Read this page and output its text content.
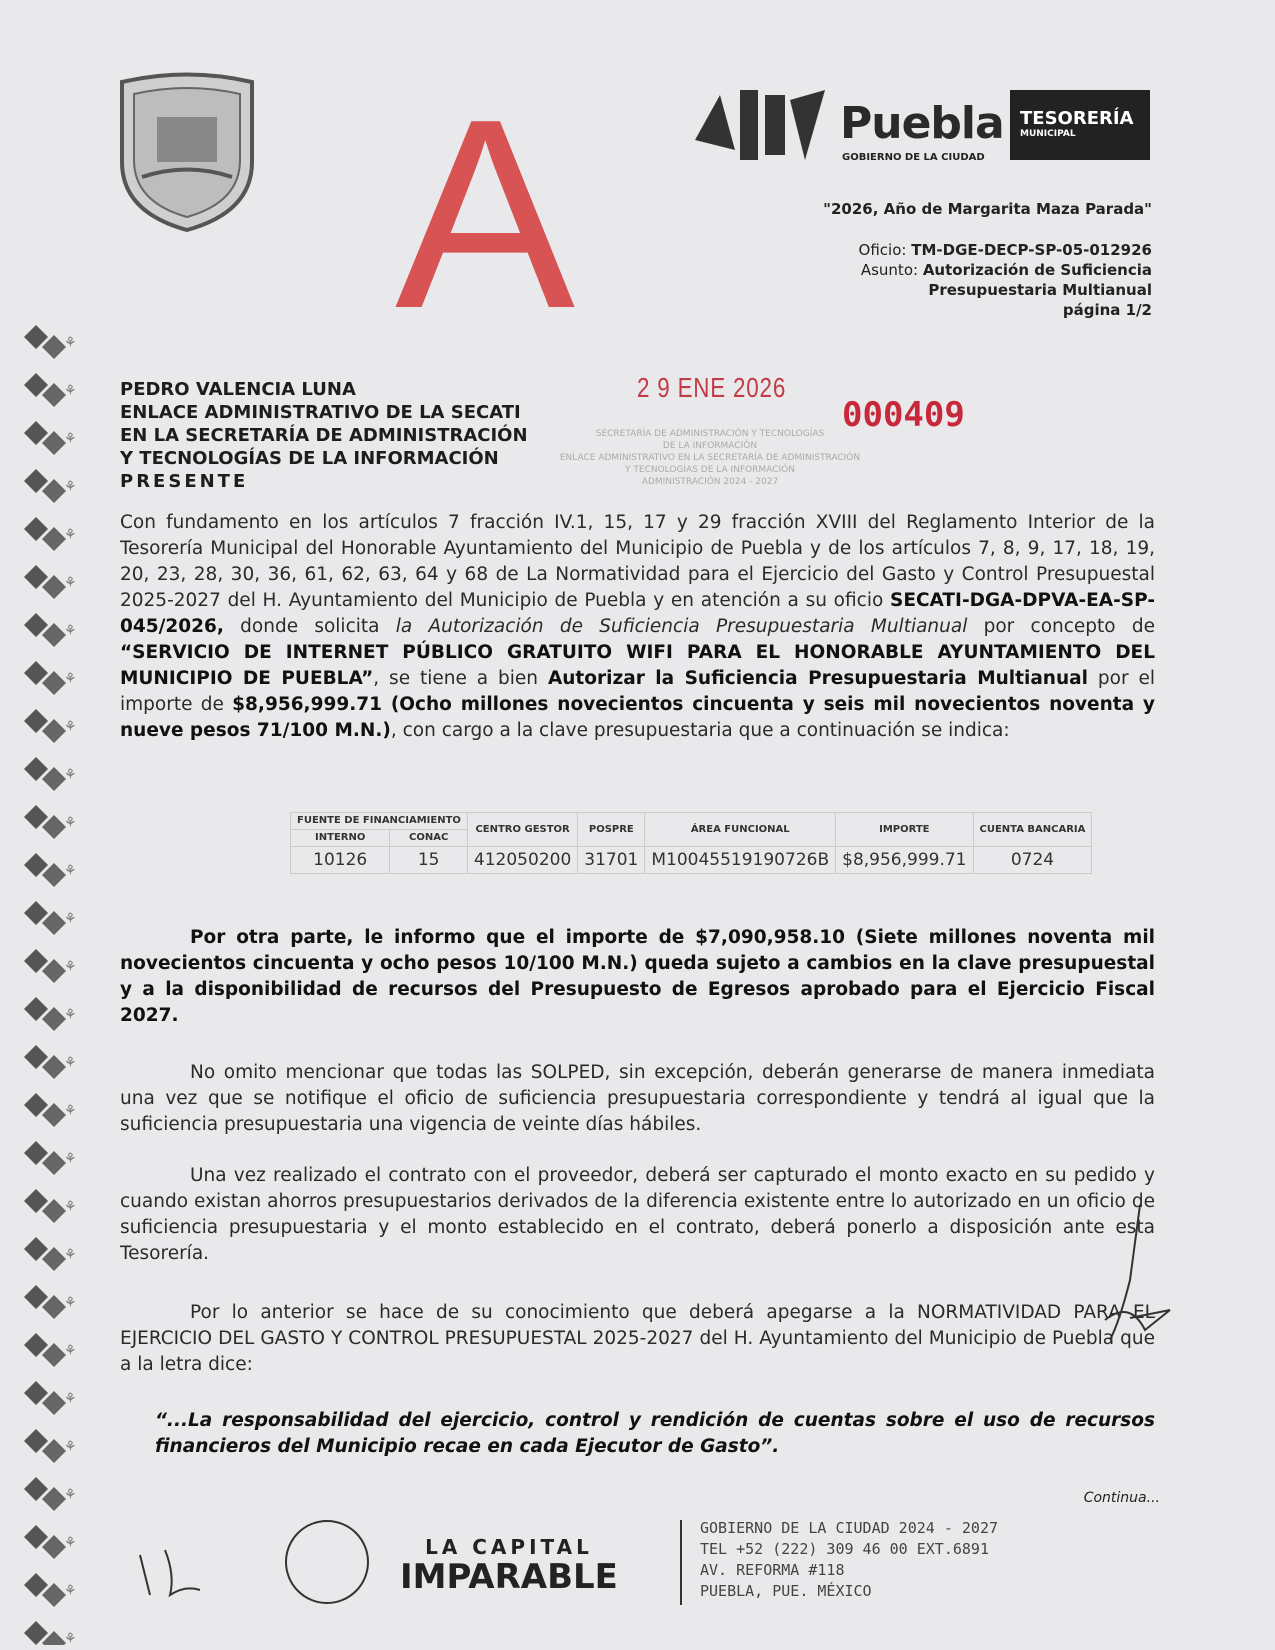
A	Puebla
GOBIERNO DE LA CIUDAD
TESORERÍA
MUNICIPAL
"2026, Año de Margarita Maza Parada"
Oficio: TM-DGE-DECP-SP-05-012926
Asunto: Autorización de Suficiencia
Presupuestaria Multianual
página 1/2
2 9 ENE 2026
000409
SECRETARÍA DE ADMINISTRACIÓN Y TECNOLOGÍAS
DE LA INFORMACIÓN
ENLACE ADMINISTRATIVO EN LA SECRETARÍA DE ADMINISTRACIÓN
Y TECNOLOGÍAS DE LA INFORMACIÓN
ADMINISTRACIÓN 2024 - 2027
PEDRO VALENCIA LUNA
ENLACE ADMINISTRATIVO DE LA SECATI
EN LA SECRETARÍA DE ADMINISTRACIÓN
Y TECNOLOGÍAS DE LA INFORMACIÓN
PRESENTE
Con fundamento en los artículos 7 fracción IV.1, 15, 17 y 29 fracción XVIII del Reglamento Interior de la Tesorería Municipal del Honorable Ayuntamiento del Municipio de Puebla y de los artículos 7, 8, 9, 17, 18, 19, 20, 23, 28, 30, 36, 61, 62, 63, 64 y 68 de La Normatividad para el Ejercicio del Gasto y Control Presupuestal 2025-2027 del H. Ayuntamiento del Municipio de Puebla y en atención a su oficio SECATI-DGA-DPVA-EA-SP-045/2026, donde solicita la Autorización de Suficiencia Presupuestaria Multianual por concepto de “SERVICIO DE INTERNET PÚBLICO GRATUITO WIFI PARA EL HONORABLE AYUNTAMIENTO DEL MUNICIPIO DE PUEBLA”, se tiene a bien Autorizar la Suficiencia Presupuestaria Multianual por el importe de $8,956,999.71 (Ocho millones novecientos cincuenta y seis mil novecientos noventa y nueve pesos 71/100 M.N.), con cargo a la clave presupuestaria que a continuación se indica:
FUENTE DE FINANCIAMIENTO		CENTRO GESTOR	POSPRE	ÁREA FUNCIONAL	IMPORTE	CUENTA BANCARIA
INTERNO	CONAC					
10126	15	412050200	31701	M10045519190726B	$8,956,999.71	0724
Por otra parte, le informo que el importe de $7,090,958.10 (Siete millones noventa mil novecientos cincuenta y ocho pesos 10/100 M.N.) queda sujeto a cambios en la clave presupuestal y a la disponibilidad de recursos del Presupuesto de Egresos aprobado para el Ejercicio Fiscal 2027.
No omito mencionar que todas las SOLPED, sin excepción, deberán generarse de manera inmediata una vez que se notifique el oficio de suficiencia presupuestaria correspondiente y tendrá al igual que la suficiencia presupuestaria una vigencia de veinte días hábiles.
Una vez realizado el contrato con el proveedor, deberá ser capturado el monto exacto en su pedido y cuando existan ahorros presupuestarios derivados de la diferencia existente entre lo autorizado en un oficio de suficiencia presupuestaria y el monto establecido en el contrato, deberá ponerlo a disposición ante esta Tesorería.
Por lo anterior se hace de su conocimiento que deberá apegarse a la NORMATIVIDAD PARA EL EJERCICIO DEL GASTO Y CONTROL PRESUPUESTAL 2025-2027 del H. Ayuntamiento del Municipio de Puebla que a la letra dice:
“...La responsabilidad del ejercicio, control y rendición de cuentas sobre el uso de recursos financieros del Municipio recae en cada Ejecutor de Gasto”.
Continua...
LA CAPITAL
IMPARABLE
GOBIERNO DE LA CIUDAD 2024 - 2027
TEL +52 (222) 309 46 00 EXT.6891
AV. REFORMA #118
PUEBLA, PUE. MÉXICO
